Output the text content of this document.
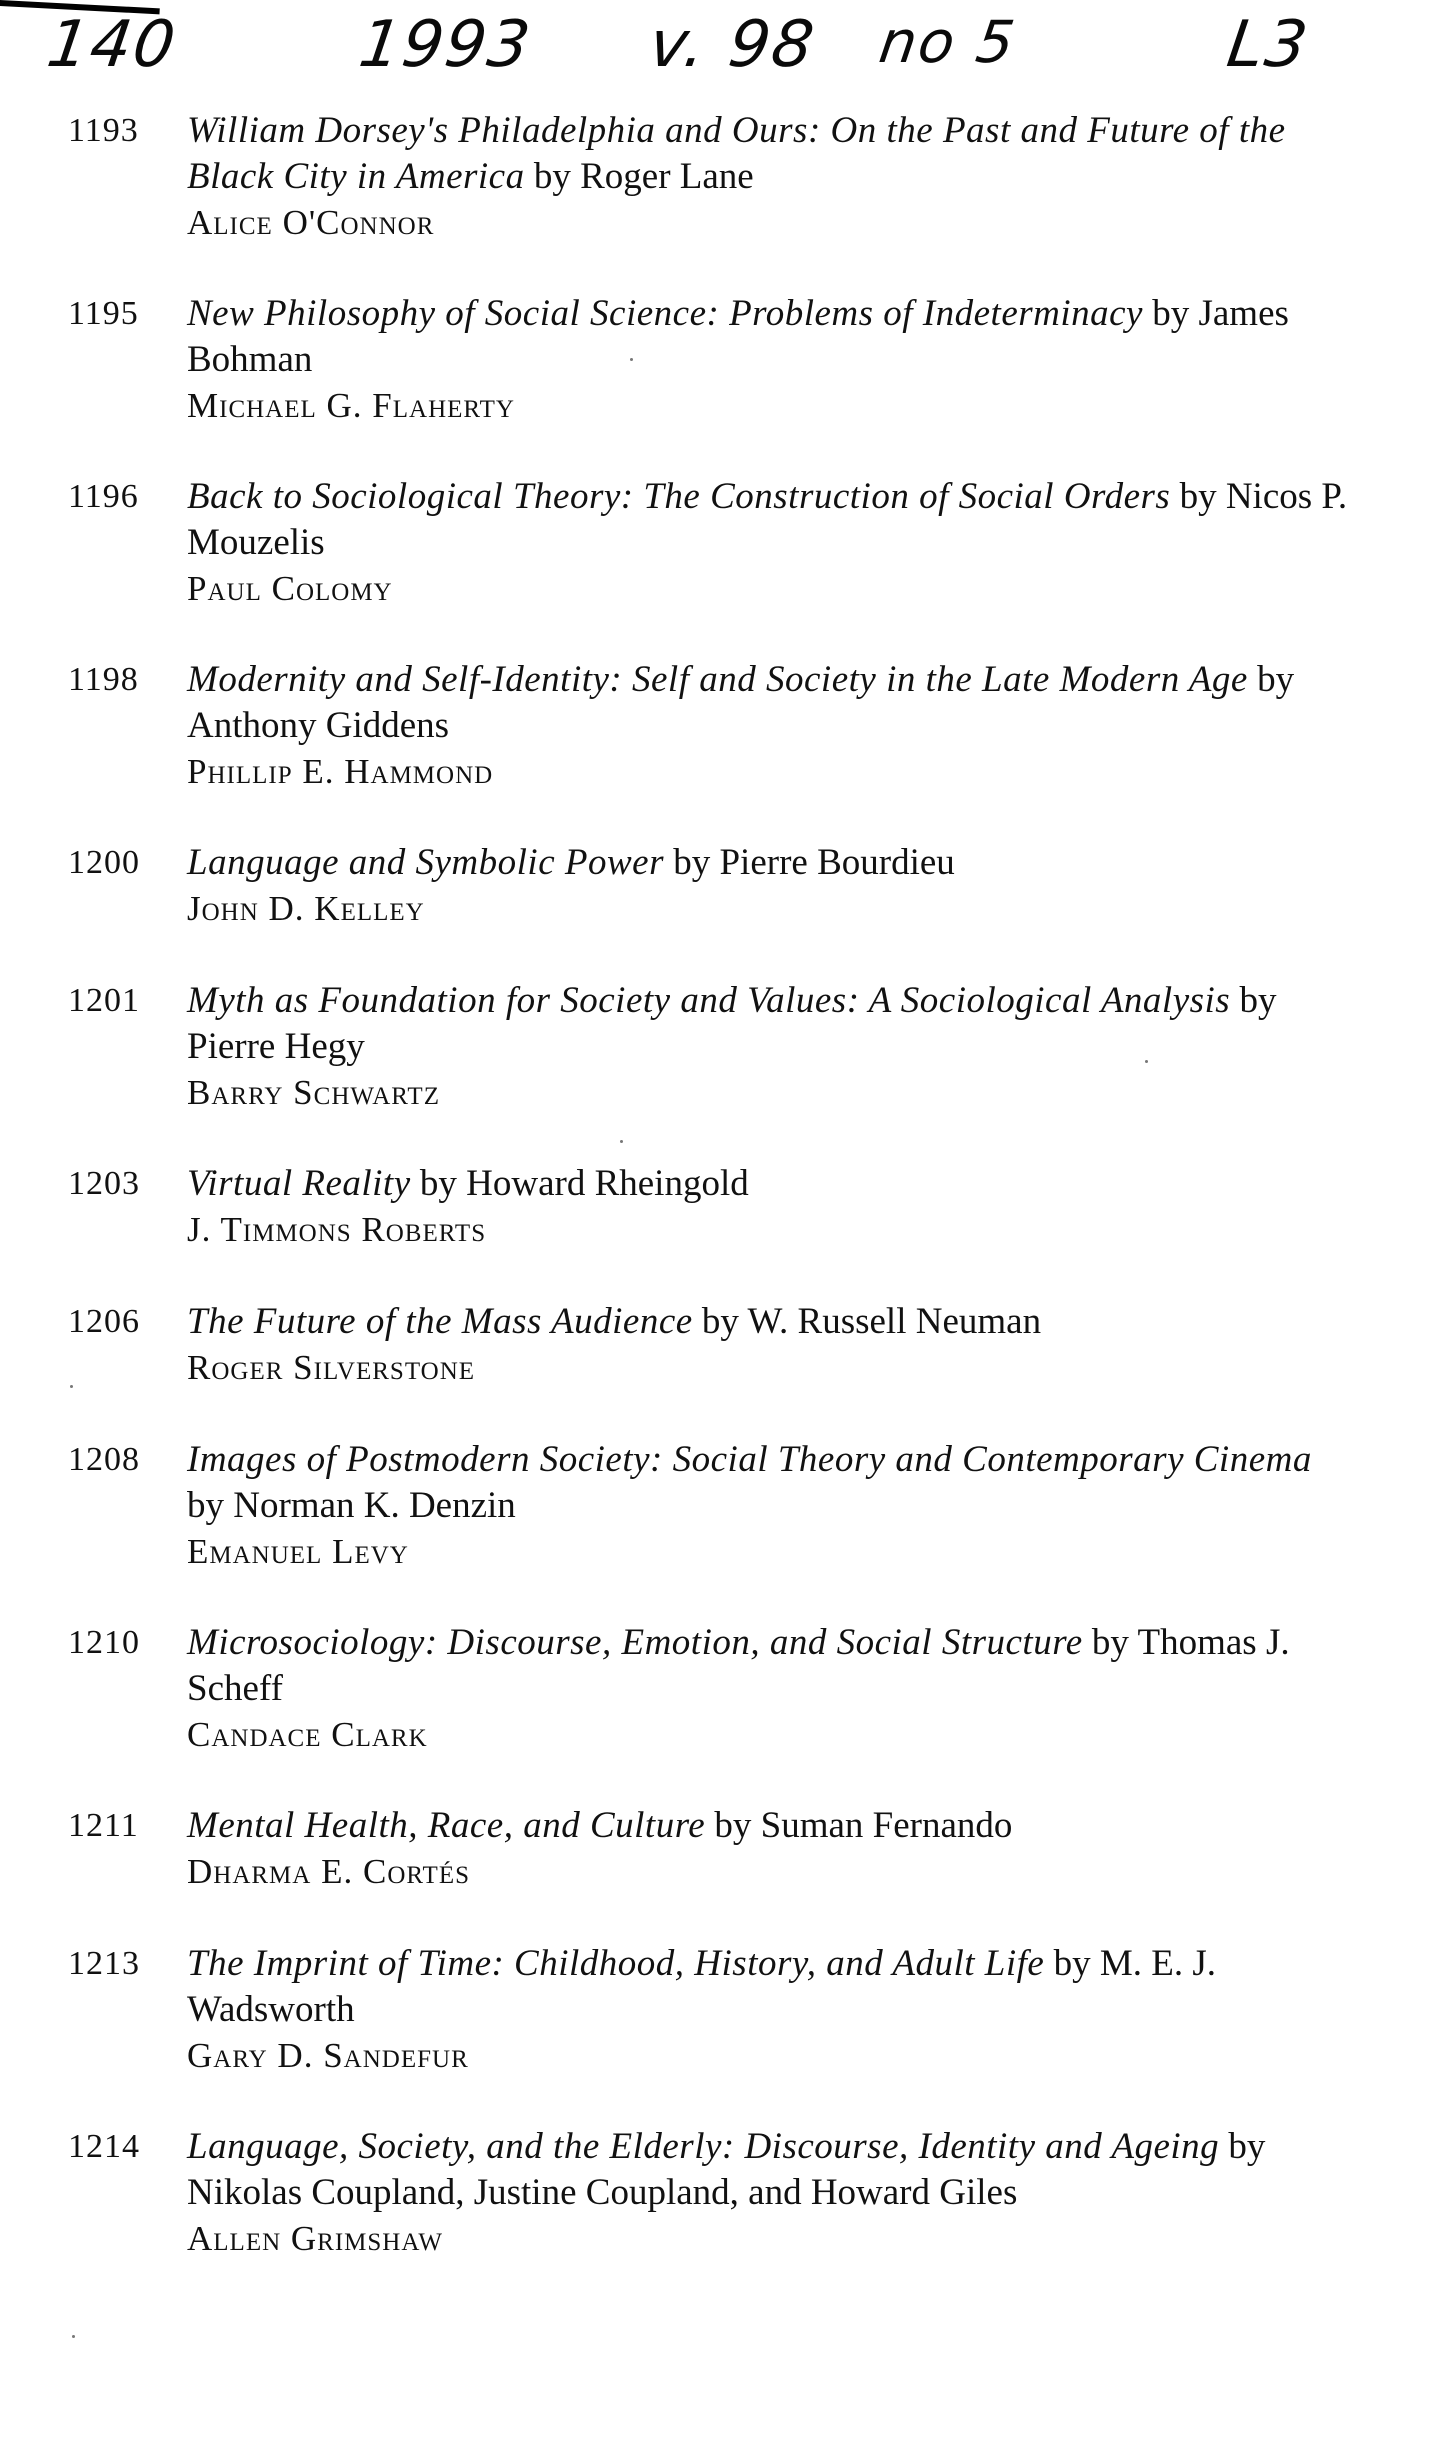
140	1993 v. 98 no 5	L3
1193 William Dorsey's Philadelphia and Ours: On the Past and Future of the Black City in America by Roger Lane
Alice O'Connor
1195 New Philosophy of Social Science: Problems of Indeterminacy by James Bohman
Michael G. Flaherty
1196 Back to Sociological Theory: The Construction of Social Orders by Nicos P. Mouzelis
Paul Colomy
1198 Modernity and Self-Identity: Self and Society in the Late Modern Age by Anthony Giddens
Phillip E. Hammond
1200 Language and Symbolic Power by Pierre Bourdieu
John D. Kelley
1201 Myth as Foundation for Society and Values: A Sociological Analysis by Pierre Hegy
Barry Schwartz
1203 Virtual Reality by Howard Rheingold
J. Timmons Roberts
1206 The Future of the Mass Audience by W. Russell Neuman
Roger Silverstone
1208 Images of Postmodern Society: Social Theory and Contemporary Cinema by Norman K. Denzin
Emanuel Levy
1210 Microsociology: Discourse, Emotion, and Social Structure by Thomas J. Scheff
Candace Clark
1211 Mental Health, Race, and Culture by Suman Fernando
Dharma E. Cortés
1213 The Imprint of Time: Childhood, History, and Adult Life by M. E. J. Wadsworth
Gary D. Sandefur
1214 Language, Society, and the Elderly: Discourse, Identity and Ageing by Nikolas Coupland, Justine Coupland, and Howard Giles
Allen Grimshaw
